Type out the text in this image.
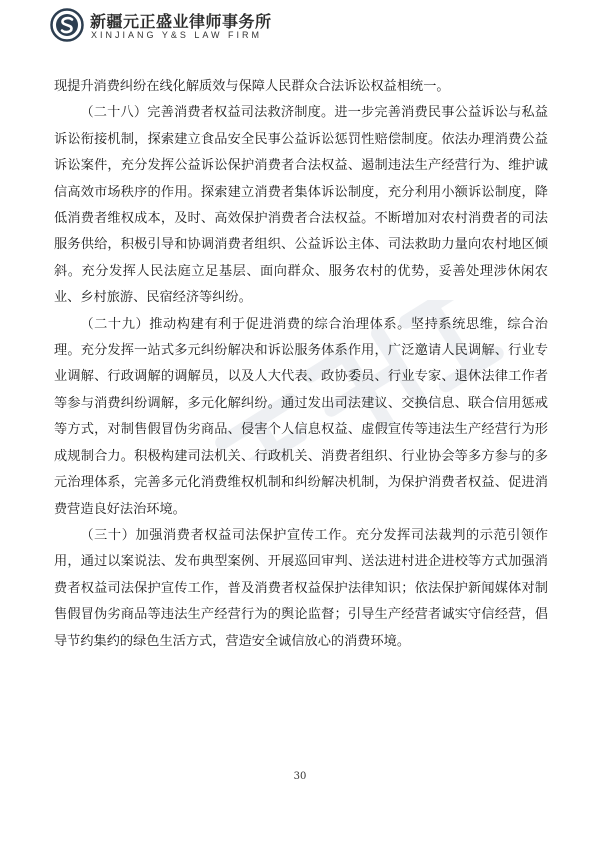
新疆元正盛业律师事务所
XINJIANG Y&S LAW FIRM

现提升消费纠纷在线化解质效与保障人民群众合法诉讼权益相统一。

（二十八）完善消费者权益司法救济制度。进一步完善消费民事公益诉讼与私益诉讼衔接机制，探索建立食品安全民事公益诉讼惩罚性赔偿制度。依法办理消费公益诉讼案件，充分发挥公益诉讼保护消费者合法权益、遏制违法生产经营行为、维护诚信高效市场秩序的作用。探索建立消费者集体诉讼制度，充分利用小额诉讼制度，降低消费者维权成本，及时、高效保护消费者合法权益。不断增加对农村消费者的司法服务供给，积极引导和协调消费者组织、公益诉讼主体、司法救助力量向农村地区倾斜。充分发挥人民法庭立足基层、面向群众、服务农村的优势，妥善处理涉休闲农业、乡村旅游、民宿经济等纠纷。

（二十九）推动构建有利于促进消费的综合治理体系。坚持系统思维，综合治理。充分发挥一站式多元纠纷解决和诉讼服务体系作用，广泛邀请人民调解、行业专业调解、行政调解的调解员，以及人大代表、政协委员、行业专家、退休法律工作者等参与消费纠纷调解，多元化解纠纷。通过发出司法建议、交换信息、联合信用惩戒等方式，对制售假冒伪劣商品、侵害个人信息权益、虚假宣传等违法生产经营行为形成规制合力。积极构建司法机关、行政机关、消费者组织、行业协会等多方参与的多元治理体系，完善多元化消费维权机制和纠纷解决机制，为保护消费者权益、促进消费营造良好法治环境。

（三十）加强消费者权益司法保护宣传工作。充分发挥司法裁判的示范引领作用，通过以案说法、发布典型案例、开展巡回审判、送法进村进企进校等方式加强消费者权益司法保护宣传工作，普及消费者权益保护法律知识；依法保护新闻媒体对制售假冒伪劣商品等违法生产经营行为的舆论监督；引导生产经营者诚实守信经营，倡导节约集约的绿色生活方式，营造安全诚信放心的消费环境。

30
